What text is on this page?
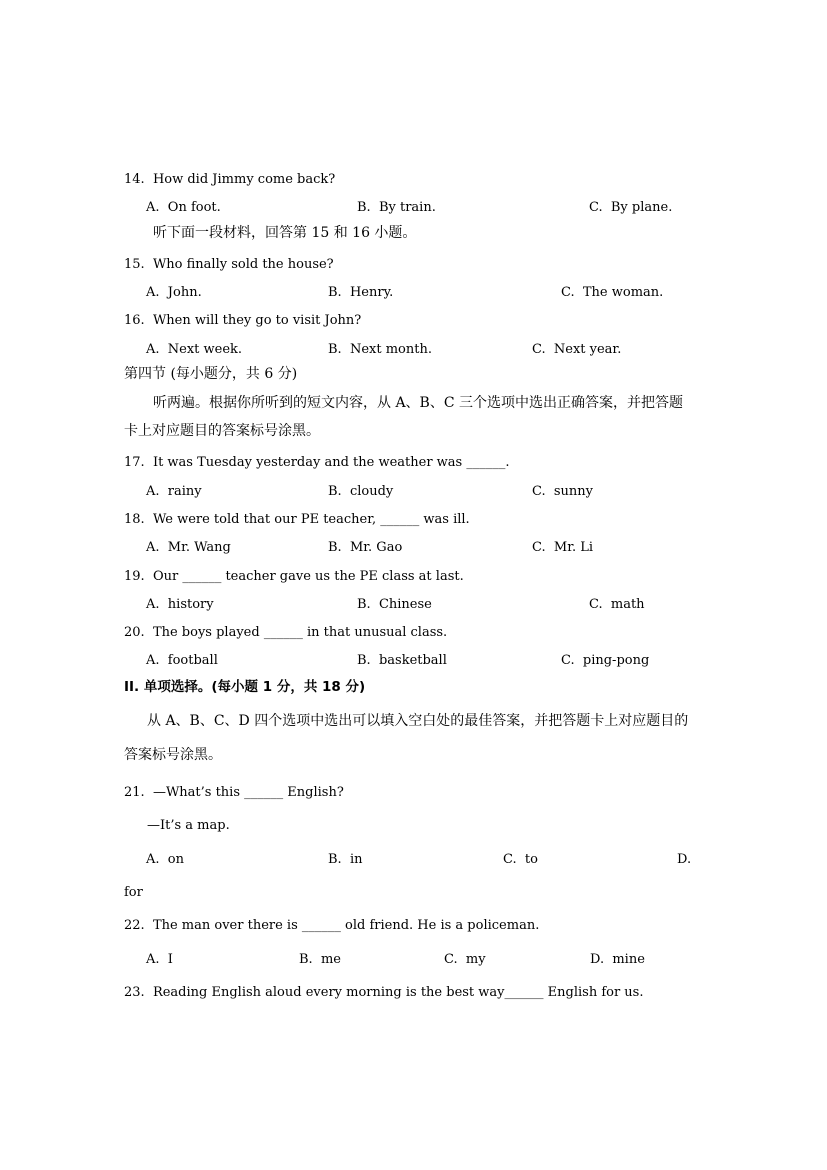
14.  How did Jimmy come back?
A.  On foot.	B.  By train.	C.  By plane.
听下面一段材料，回答第 15 和 16 小题。
15.  Who finally sold the house?
A.  John.	B.  Henry.	C.  The woman.
16.  When will they go to visit John?
A.  Next week.	B.  Next month.	C.  Next year.
第四节 (每小题分，共 6 分)
听两遍。根据你所听到的短文内容，从 A、B、C 三个选项中选出正确答案，并把答题
卡上对应题目的答案标号涂黑。
17.  It was Tuesday yesterday and the weather was ______.
A.  rainy	B.  cloudy	C.  sunny
18.  We were told that our PE teacher, ______ was ill.
A.  Mr. Wang	B.  Mr. Gao	C.  Mr. Li
19.  Our ______ teacher gave us the PE class at last.
A.  history	B.  Chinese	C.  math
20.  The boys played ______ in that unusual class.
A.  football	B.  basketball	C.  ping-pong
II. 单项选择。(每小题 1 分，共 18 分)
从 A、B、C、D 四个选项中选出可以填入空白处的最佳答案，并把答题卡上对应题目的
答案标号涂黑。
21.  —What’s this ______ English?
—It’s a map.
A.  on	B.  in	C.  to	D.
for
22.  The man over there is ______ old friend. He is a policeman.
A.  I	B.  me	C.  my	D.  mine
23.  Reading English aloud every morning is the best way______ English for us.
